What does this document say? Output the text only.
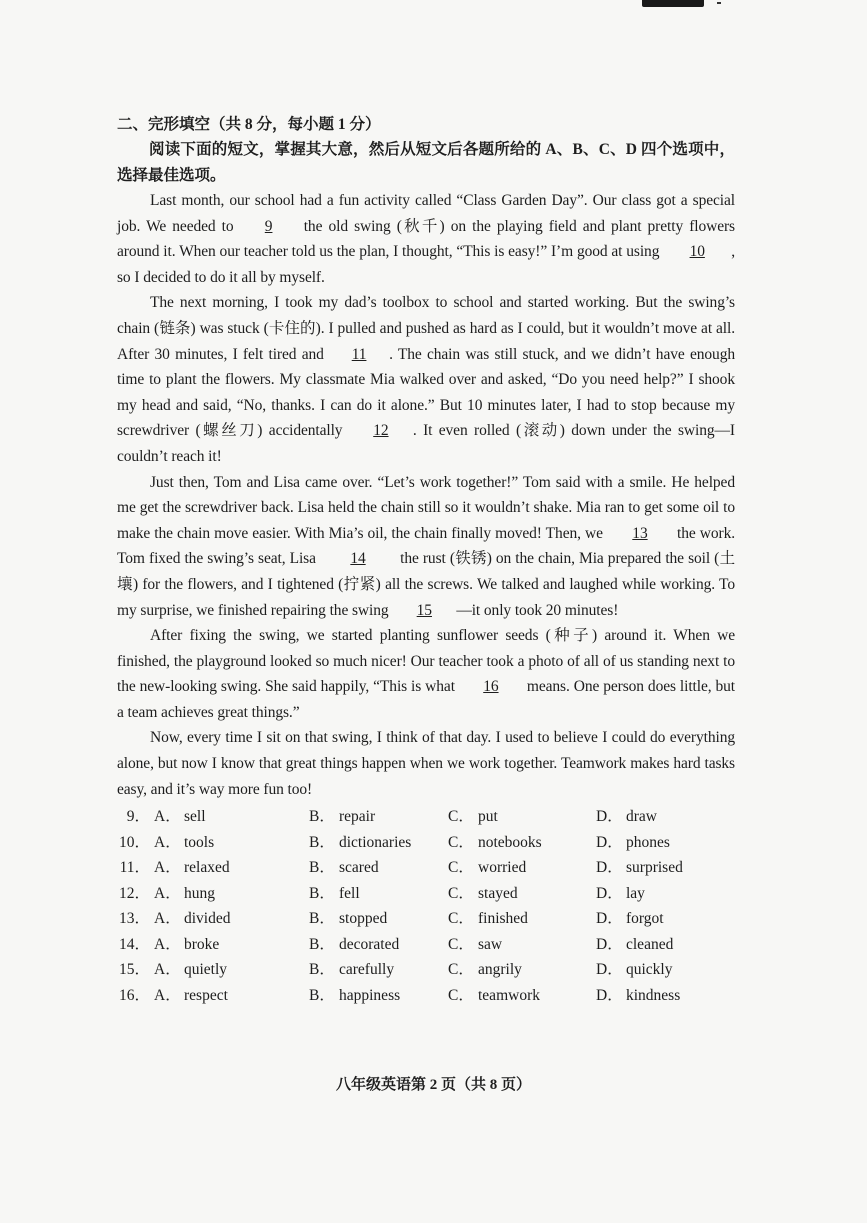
二、完形填空（共 8 分，每小题 1 分）

阅读下面的短文，掌握其大意，然后从短文后各题所给的 A、B、C、D 四个选项中，选择最佳选项。

Last month, our school had a fun activity called “Class Garden Day”. Our class got a special job. We needed to 9 the old swing (秋千) on the playing field and plant pretty flowers around it. When our teacher told us the plan, I thought, “This is easy!” I’m good at using 10 , so I decided to do it all by myself.

The next morning, I took my dad’s toolbox to school and started working. But the swing’s chain (链条) was stuck (卡住的). I pulled and pushed as hard as I could, but it wouldn’t move at all. After 30 minutes, I felt tired and 11 . The chain was still stuck, and we didn’t have enough time to plant the flowers. My classmate Mia walked over and asked, “Do you need help?” I shook my head and said, “No, thanks. I can do it alone.” But 10 minutes later, I had to stop because my screwdriver (螺丝刀) accidentally 12 . It even rolled (滚动) down under the swing—I couldn’t reach it!

Just then, Tom and Lisa came over. “Let’s work together!” Tom said with a smile. He helped me get the screwdriver back. Lisa held the chain still so it wouldn’t shake. Mia ran to get some oil to make the chain move easier. With Mia’s oil, the chain finally moved! Then, we 13 the work. Tom fixed the swing’s seat, Lisa 14 the rust (铁锈) on the chain, Mia prepared the soil (土壤) for the flowers, and I tightened (拧紧) all the screws. We talked and laughed while working. To my surprise, we finished repairing the swing 15 —it only took 20 minutes!

After fixing the swing, we started planting sunflower seeds (种子) around it. When we finished, the playground looked so much nicer! Our teacher took a photo of all of us standing next to the new-looking swing. She said happily, “This is what 16 means. One person does little, but a team achieves great things.”

Now, every time I sit on that swing, I think of that day. I used to believe I could do everything alone, but now I know that great things happen when we work together. Teamwork makes hard tasks easy, and it’s way more fun too!

9． A． sell	B． repair	C． put	D． draw
10． A． tools	B． dictionaries C． notebooks	D． phones
11． A． relaxed	B． scared	C． worried	D． surprised
12． A． hung	B． fell	C． stayed	D． lay
13． A． divided	B． stopped	C． finished	D． forgot
14． A． broke	B． decorated	C． saw	D． cleaned
15． A． quietly	B． carefully	C． angrily	D． quickly
16． A． respect	B． happiness	C． teamwork	D． kindness
八年级英语第 2 页（共 8 页）
